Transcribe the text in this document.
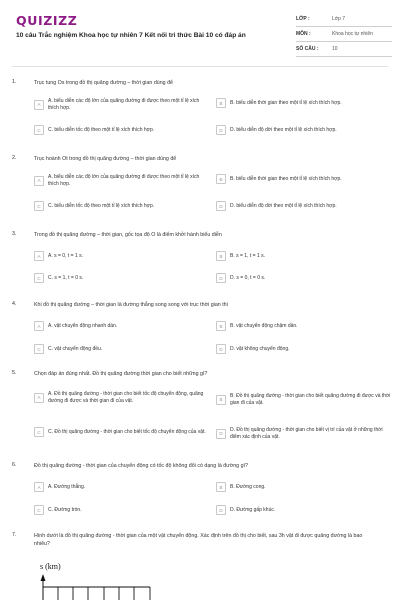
QUIZIZZ
10 câu Trắc nghiệm Khoa học tự nhiên 7 Kết nối tri thức Bài 10 có đáp án
LỚP :	Lớp 7
MÔN :	Khoa học tự nhiên
SỐ CÂU :	10
1.	Trục tung Os trong đồ thị quãng đường – thời gian dùng để
A
A. biểu diễn các độ lớn của quãng đường đi được theo một tỉ lệ xích thích hợp.
B	B. biểu diễn thời gian theo một tỉ lệ xích thích hợp.
C	C. biểu diễn tốc độ theo một tỉ lệ xích thích hợp.	D	D. biểu diễn độ dời theo một tỉ lệ xích thích hợp.
2.	Trục hoành Ot trong đồ thị quãng đường – thời gian dùng để
A
A. biểu diễn các độ lớn của quãng đường đi được theo một tỉ lệ xích thích hợp.
B	B. biểu diễn thời gian theo một tỉ lệ xích thích hợp.
C	C. biểu diễn tốc độ theo một tỉ lệ xích thích hợp.	D	D. biểu diễn độ dời theo một tỉ lệ xích thích hợp.
3.	Trong đồ thị quãng đường – thời gian, gốc tọa độ O là điểm khởi hành biểu diễn
A	A. s = 0, t = 1 s.	B	B. s = 1, t = 1 s.
C	C. s = 1, t = 0 s.	D	D. s = 0, t = 0 s.
4.	Khi đồ thị quãng đường – thời gian là đường thẳng song song với trục thời gian thì
A	A. vật chuyển động nhanh dần.	B	B. vật chuyển động chậm dần.
C	C. vật chuyển động đều.	D	D. vật không chuyển động.
5.	Chọn đáp án đúng nhất. Đồ thị quãng đường thời gian cho biết những gì?
A
A. Đồ thị quãng đường - thời gian cho biết tốc độ chuyển động, quãng đường đi được và thời gian đi của vật.	B
B. Đồ thị quãng đường - thời gian cho biết quãng đường đi được và thời gian đi của vật.
C	C. Đồ thị quãng đường - thời gian cho biết tốc độ chuyển động của vật.	D
D. Đồ thị quãng đường - thời gian cho biết vị trí của vật ở những thời điểm xác định của vật.
6.	Đồ thị quãng đường - thời gian của chuyển động có tốc độ không đổi có dạng là đường gì?
A	A. Đường thẳng.	B	B. Đường cong.
C	C. Đường tròn.	D	D. Đường gấp khúc.
7.	Hình dưới là đồ thị quãng đường - thời gian của một vật chuyển động. Xác định trên đồ thị cho biết, sau 3h vật đi được quãng đường là bao nhiêu?
s (km)
